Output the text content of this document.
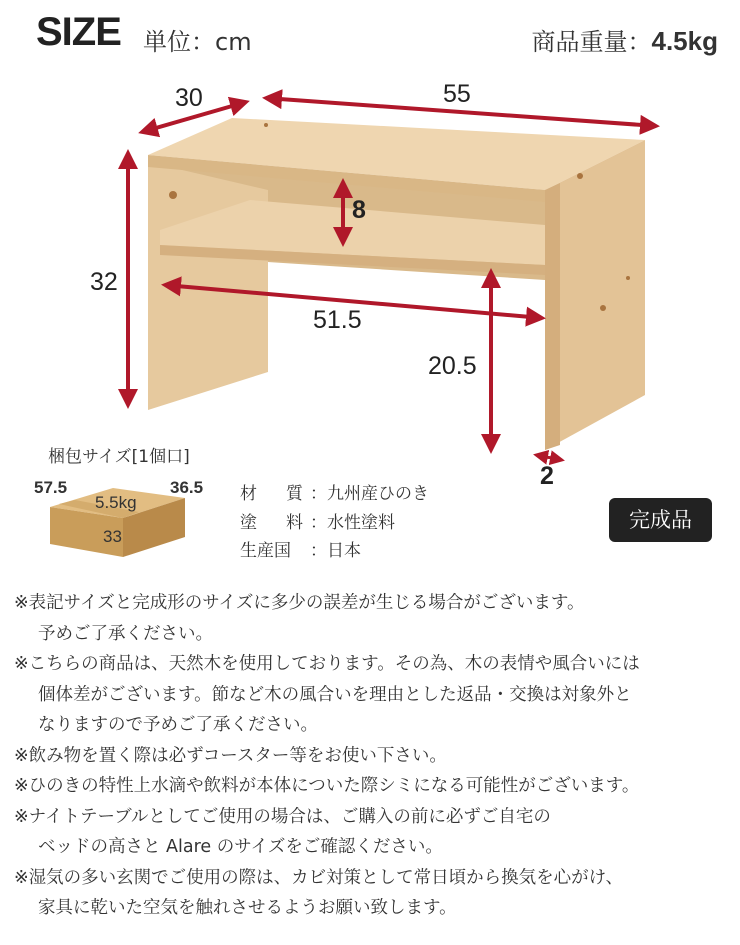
SIZE 単位：cm	商品重量：4.5kg
30	55
32
8
51.5
20.5
2
梱包サイズ[1個口]
57.5	36.5
5.5kg
33
材　質：九州産ひのき
塗　料：水性塗料
生産国 ：日本
完成品
※表記サイズと完成形のサイズに多少の誤差が生じる場合がございます。
予めご了承ください。
※こちらの商品は、天然木を使用しております。その為、木の表情や風合いには
個体差がございます。節など木の風合いを理由とした返品・交換は対象外と
なりますので予めご了承ください。
※飲み物を置く際は必ずコースター等をお使い下さい。
※ひのきの特性上水滴や飲料が本体についた際シミになる可能性がございます。
※ナイトテーブルとしてご使用の場合は、ご購入の前に必ずご自宅の
ベッドの高さと Alare のサイズをご確認ください。
※湿気の多い玄関でご使用の際は、カビ対策として常日頃から換気を心がけ、
家具に乾いた空気を触れさせるようお願い致します。
